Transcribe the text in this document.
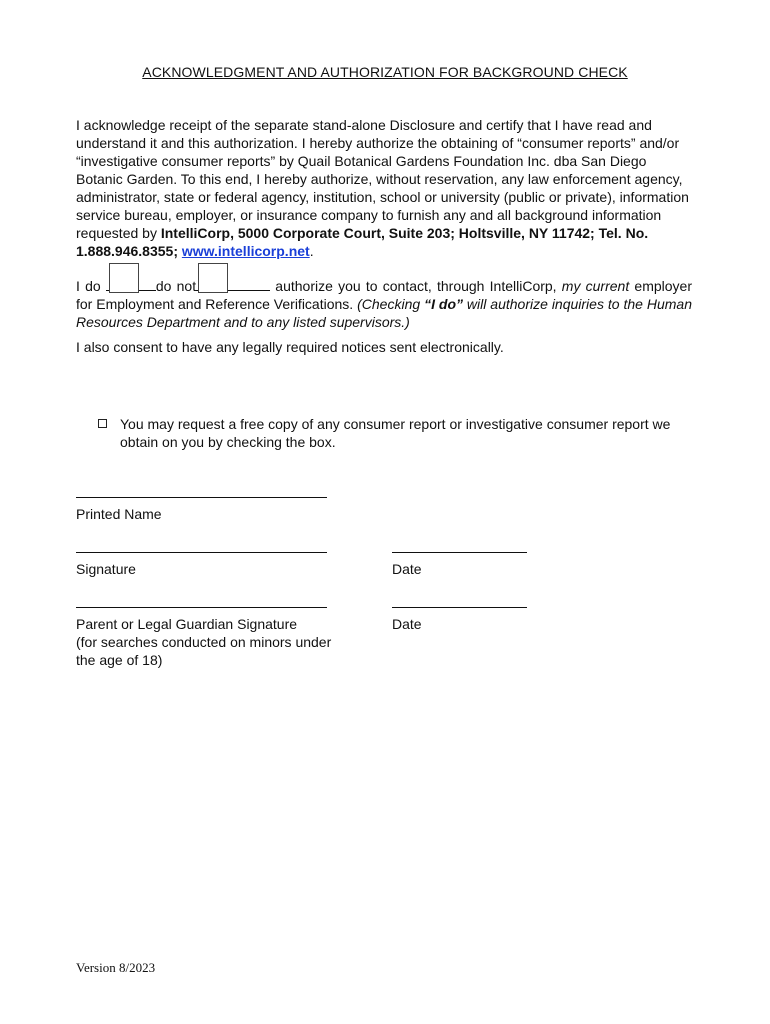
ACKNOWLEDGMENT AND AUTHORIZATION FOR BACKGROUND CHECK
I acknowledge receipt of the separate stand-alone Disclosure and certify that I have read and understand it and this authorization. I hereby authorize the obtaining of “consumer reports” and/or “investigative consumer reports” by Quail Botanical Gardens Foundation Inc. dba San Diego Botanic Garden. To this end, I hereby authorize, without reservation, any law enforcement agency, administrator, state or federal agency, institution, school or university (public or private), information service bureau, employer, or insurance company to furnish any and all background information requested by IntelliCorp, 5000 Corporate Court, Suite 203; Holtsville, NY 11742; Tel. No. 1.888.946.8355; www.intellicorp.net.
I do	do not	authorize you to contact, through IntelliCorp, my current employer for Employment and Reference Verifications. (Checking “I do” will authorize inquiries to the Human Resources Department and to any listed supervisors.)
I also consent to have any legally required notices sent electronically.
You may request a free copy of any consumer report or investigative consumer report we obtain on you by checking the box.
Printed Name
Signature	Date
Parent or Legal Guardian Signature
(for searches conducted on minors under
the age of 18)
Date
Version 8/2023
